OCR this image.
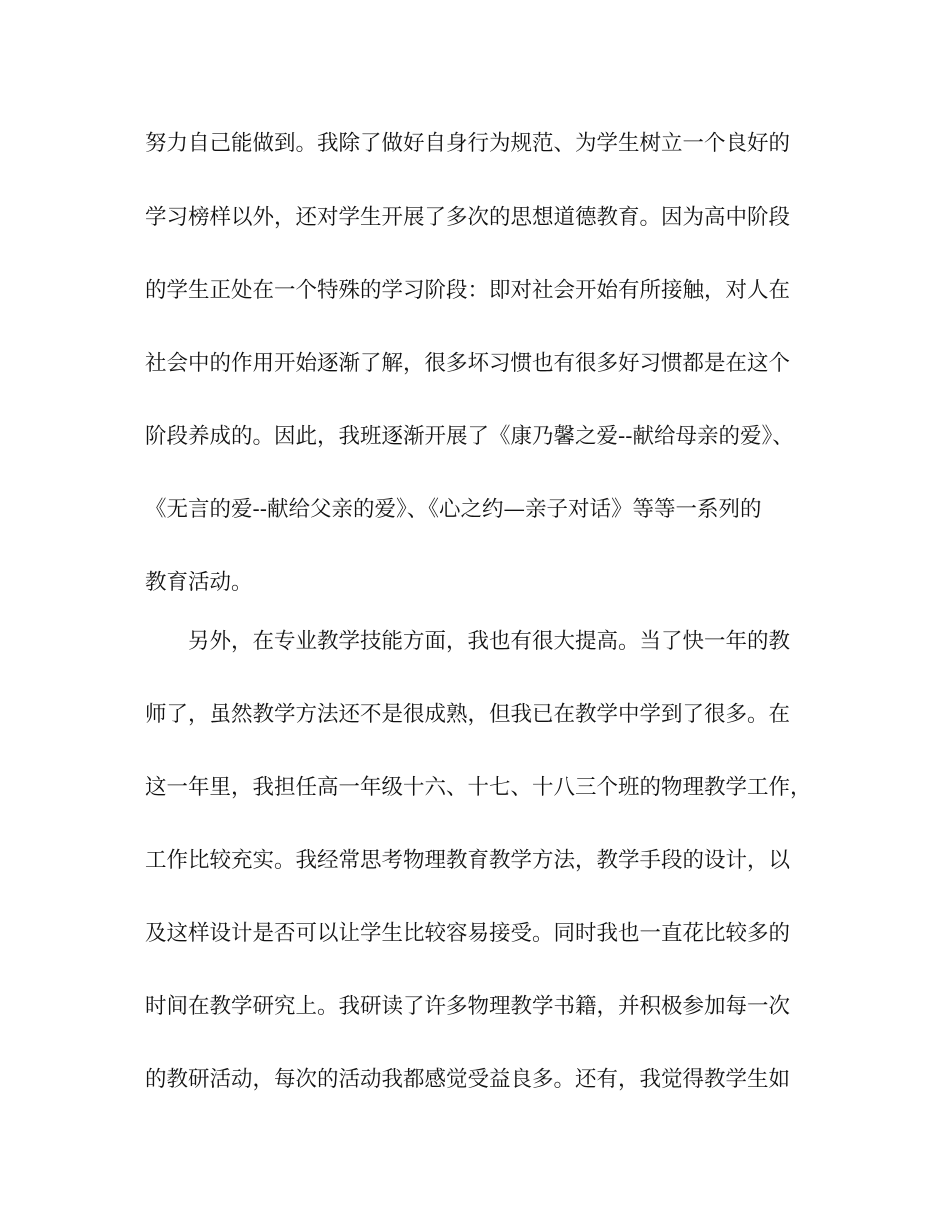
努力自己能做到。我除了做好自身行为规范、为学生树立一个良好的
学习榜样以外，还对学生开展了多次的思想道德教育。因为高中阶段
的学生正处在一个特殊的学习阶段：即对社会开始有所接触，对人在
社会中的作用开始逐渐了解，很多坏习惯也有很多好习惯都是在这个
阶段养成的。因此，我班逐渐开展了《康乃馨之爱--献给母亲的爱》、
《无言的爱--献给父亲的爱》、《心之约—亲子对话》等等一系列的
教育活动。
另外，在专业教学技能方面，我也有很大提高。当了快一年的教
师了，虽然教学方法还不是很成熟，但我已在教学中学到了很多。在
这一年里，我担任高一年级十六、十七、十八三个班的物理教学工作，
工作比较充实。我经常思考物理教育教学方法，教学手段的设计，以
及这样设计是否可以让学生比较容易接受。同时我也一直花比较多的
时间在教学研究上。我研读了许多物理教学书籍，并积极参加每一次
的教研活动，每次的活动我都感觉受益良多。还有，我觉得教学生如
